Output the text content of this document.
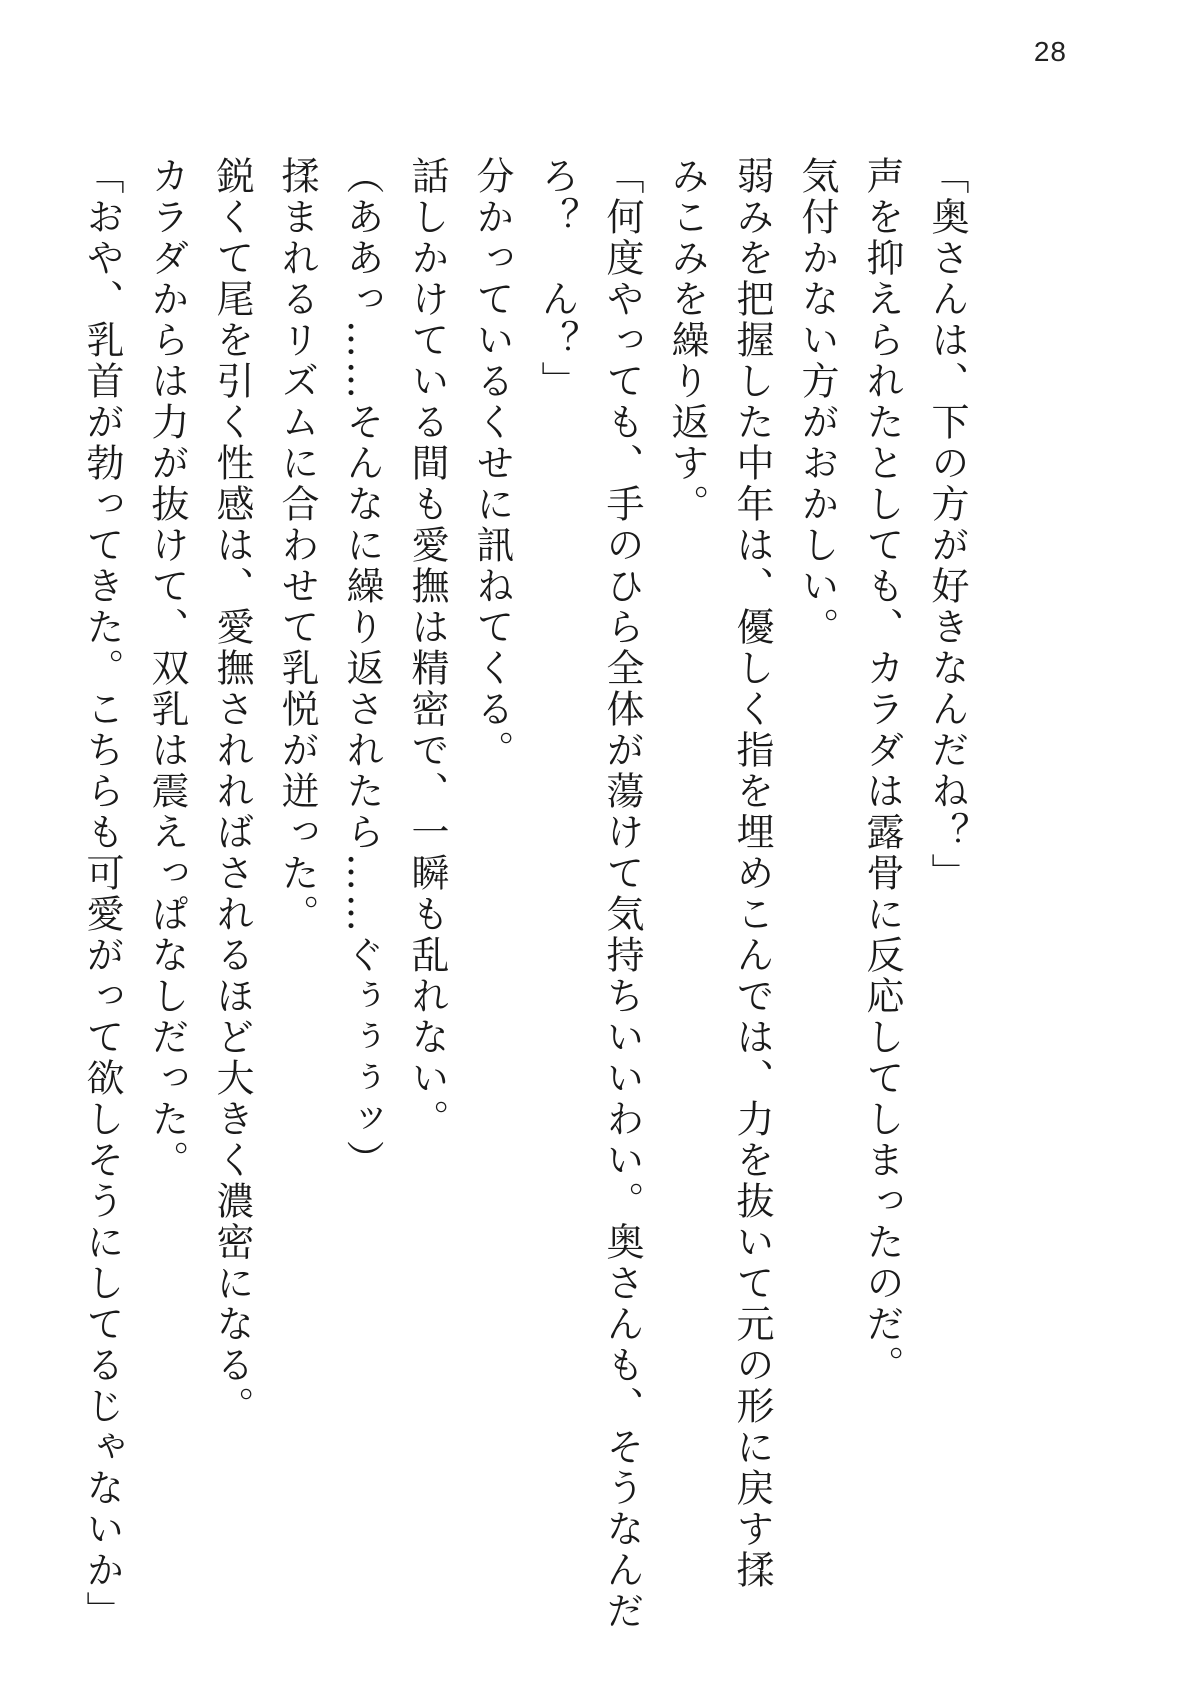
28
「奥さんは、下の方が好きなんだね？」
声を抑えられたとしても、カラダは露骨に反応してしまったのだ。
気付かない方がおかしい。
弱みを把握した中年は、優しく指を埋めこんでは、力を抜いて元の形に戻す揉
みこみを繰り返す。
「何度やっても、手のひら全体が蕩けて気持ちいいわい。奥さんも、そうなんだ
ろ？　ん？」
分かっているくせに訊ねてくる。
話しかけている間も愛撫は精密で、一瞬も乱れない。
（ああっ……そんなに繰り返されたら……ぐぅぅぅッ）
揉まれるリズムに合わせて乳悦が迸った。
鋭くて尾を引く性感は、愛撫されればされるほど大きく濃密になる。
カラダからは力が抜けて、双乳は震えっぱなしだった。
「おや、乳首が勃ってきた。こちらも可愛がって欲しそうにしてるじゃないか」
